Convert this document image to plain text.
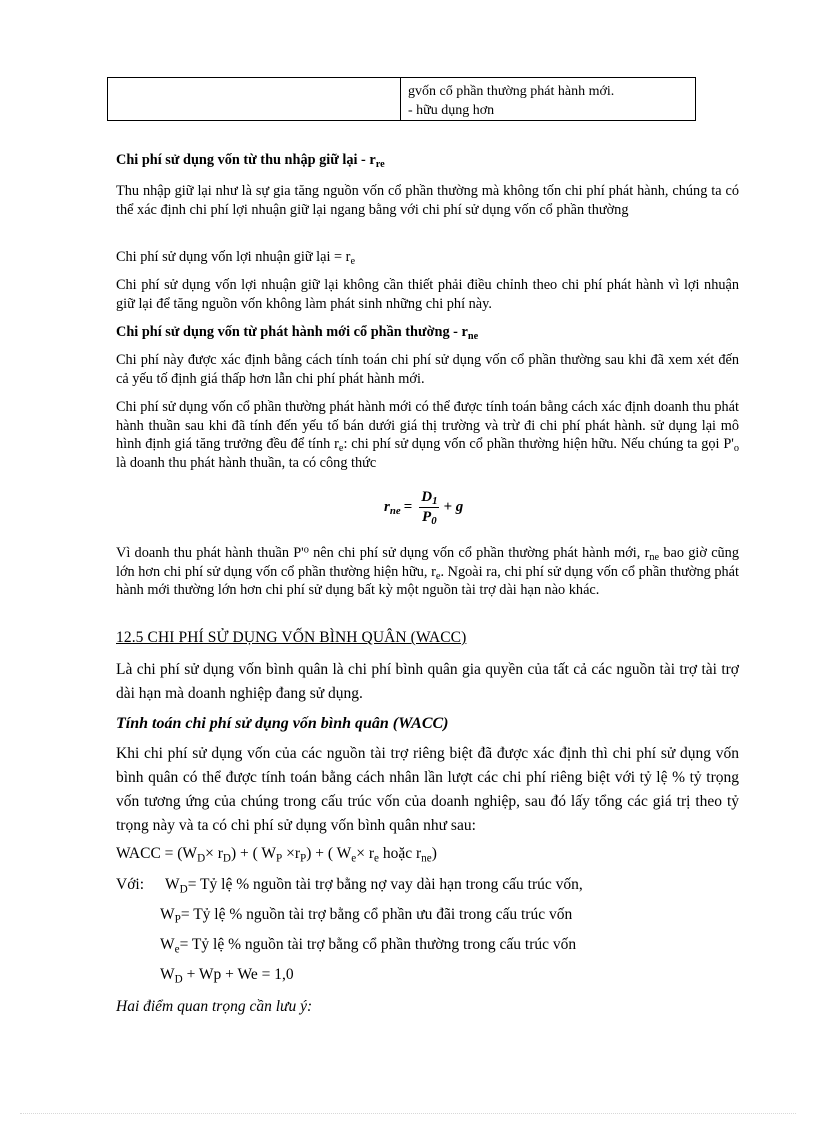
gvốn cổ phần thường phát hành mới.
- hữu dụng hơn
Chi phí sử dụng vốn từ thu nhập giữ lại - $r_{re}$
Thu nhập giữ lại như là sự gia tăng nguồn vốn cổ phần thường mà không tốn chi phí phát hành, chúng ta có thể xác định chi phí lợi nhuận giữ lại ngang bằng với chi phí sử dụng vốn cổ phần thường
Chi phí sử dụng vốn lợi nhuận giữ lại = $r_e$
Chi phí sử dụng vốn lợi nhuận giữ lại không cần thiết phải điều chỉnh theo chi phí phát hành vì lợi nhuận giữ lại để tăng nguồn vốn không làm phát sinh những chi phí này.
Chi phí sử dụng vốn từ phát hành mới cổ phần thường - $r_{ne}$
Chi phí này được xác định bằng cách tính toán chi phí sử dụng vốn cổ phần thường sau khi đã xem xét đến cả yếu tố định giá thấp hơn lẫn chi phí phát hành mới.
Chi phí sử dụng vốn cổ phần thường phát hành mới có thể được tính toán bằng cách xác định doanh thu phát hành thuần sau khi đã tính đến yếu tố bán dưới giá thị trường và trừ đi chi phí phát hành. sử dụng lại mô hình định giá tăng trưởng đều để tính $r_e$: chi phí sử dụng vốn cổ phần thường hiện hữu. Nếu chúng ta gọi $P'_o$ là doanh thu phát hành thuần, ta có công thức
$r_{ne} = \frac{D_1}{P_0} + g$
Vì doanh thu phát hành thuần $P'^o$ nên chi phí sử dụng vốn cổ phần thường phát hành mới, $r_{ne}$ bao giờ cũng lớn hơn chi phí sử dụng vốn cổ phần thường hiện hữu, $r_e$. Ngoài ra, chi phí sử dụng vốn cổ phần thường phát hành mới thường lớn hơn chi phí sử dụng bất kỳ một nguồn tài trợ dài hạn nào khác.
12.5 CHI PHÍ SỬ DỤNG VỐN BÌNH QUÂN (WACC)
Là chi phí sử dụng vốn bình quân là chi phí bình quân gia quyền của tất cả các nguồn tài trợ tài trợ dài hạn mà doanh nghiệp đang sử dụng.
Tính toán chi phí sử dụng vốn bình quân (WACC)
Khi chi phí sử dụng vốn của các nguồn tài trợ riêng biệt đã được xác định thì chi phí sử dụng vốn bình quân có thể được tính toán bằng cách nhân lần lượt các chi phí riêng biệt với tỷ lệ % tỷ trọng vốn tương ứng của chúng trong cấu trúc vốn của doanh nghiệp, sau đó lấy tổng các giá trị theo tỷ trọng này và ta có chi phí sử dụng vốn bình quân như sau:
WACC = $(W_D\times r_D)$ + ( $W_P \times r_P$) + ( $W_e\times r_e$ hoặc $r_{ne}$)
Với: $W_D=$ Tỷ lệ % nguồn tài trợ bằng nợ vay dài hạn trong cấu trúc vốn,
$W_P=$ Tỷ lệ % nguồn tài trợ bằng cổ phần ưu đãi trong cấu trúc vốn
$W_e=$ Tỷ lệ % nguồn tài trợ bằng cổ phần thường trong cấu trúc vốn
$W_D + Wp + We = 1,0$
Hai điểm quan trọng cần lưu ý:
